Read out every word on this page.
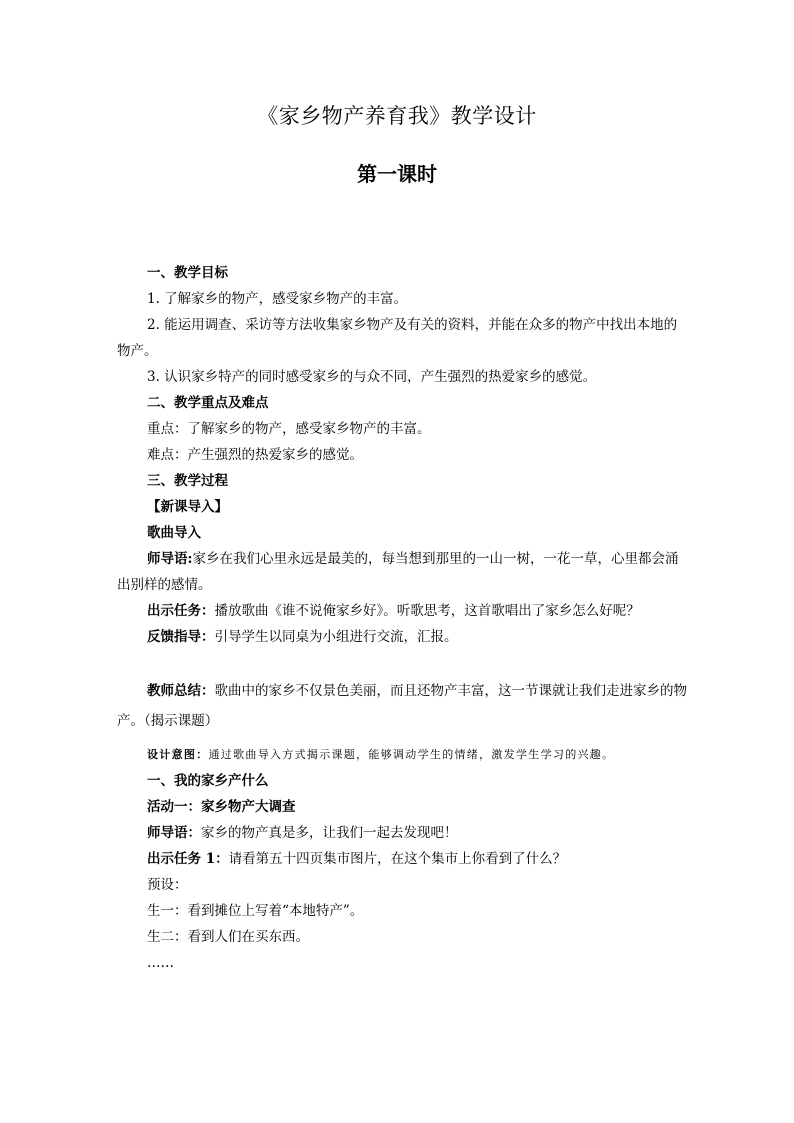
《家乡物产养育我》教学设计
第一课时

一、教学目标

1. 了解家乡的物产，感受家乡物产的丰富。

2. 能运用调查、采访等方法收集家乡物产及有关的资料，并能在众多的物产中找出本地的物产。

3. 认识家乡特产的同时感受家乡的与众不同，产生强烈的热爱家乡的感觉。

二、教学重点及难点

重点：了解家乡的物产，感受家乡物产的丰富。

难点：产生强烈的热爱家乡的感觉。

三、教学过程

【新课导入】

歌曲导入

师导语:家乡在我们心里永远是最美的，每当想到那里的一山一树，一花一草，心里都会涌出别样的感情。

出示任务：播放歌曲《谁不说俺家乡好》。听歌思考，这首歌唱出了家乡怎么好呢？

反馈指导：引导学生以同桌为小组进行交流，汇报。

教师总结：歌曲中的家乡不仅景色美丽，而且还物产丰富，这一节课就让我们走进家乡的物产。（揭示课题）

设计意图：通过歌曲导入方式揭示课题，能够调动学生的情绪，激发学生学习的兴趣。

一、我的家乡产什么

活动一：家乡物产大调查

师导语：家乡的物产真是多，让我们一起去发现吧！

出示任务 1：请看第五十四页集市图片，在这个集市上你看到了什么？

预设：

生一：看到摊位上写着“本地特产”。

生二：看到人们在买东西。

……
